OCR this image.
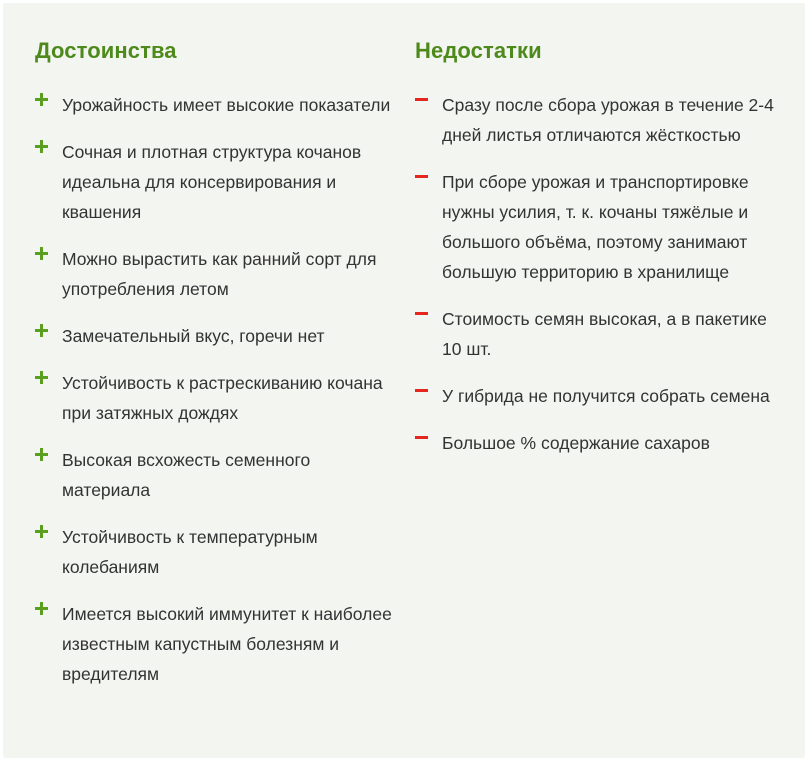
Достоинства
Урожайность имеет высокие показатели
Сочная и плотная структура кочанов идеальна для консервирования и квашения
Можно вырастить как ранний сорт для употребления летом
Замечательный вкус, горечи нет
Устойчивость к растрескиванию кочана при затяжных дождях
Высокая всхожесть семенного материала
Устойчивость к температурным колебаниям
Имеется высокий иммунитет к наиболее известным капустным болезням и вредителям
Недостатки
Сразу после сбора урожая в течение 2-4 дней листья отличаются жёсткостью
При сборе урожая и транспортировке нужны усилия, т. к. кочаны тяжёлые и большого объёма, поэтому занимают большую территорию в хранилище
Стоимость семян высокая, а в пакетике 10 шт.
У гибрида не получится собрать семена
Большое % содержание сахаров
